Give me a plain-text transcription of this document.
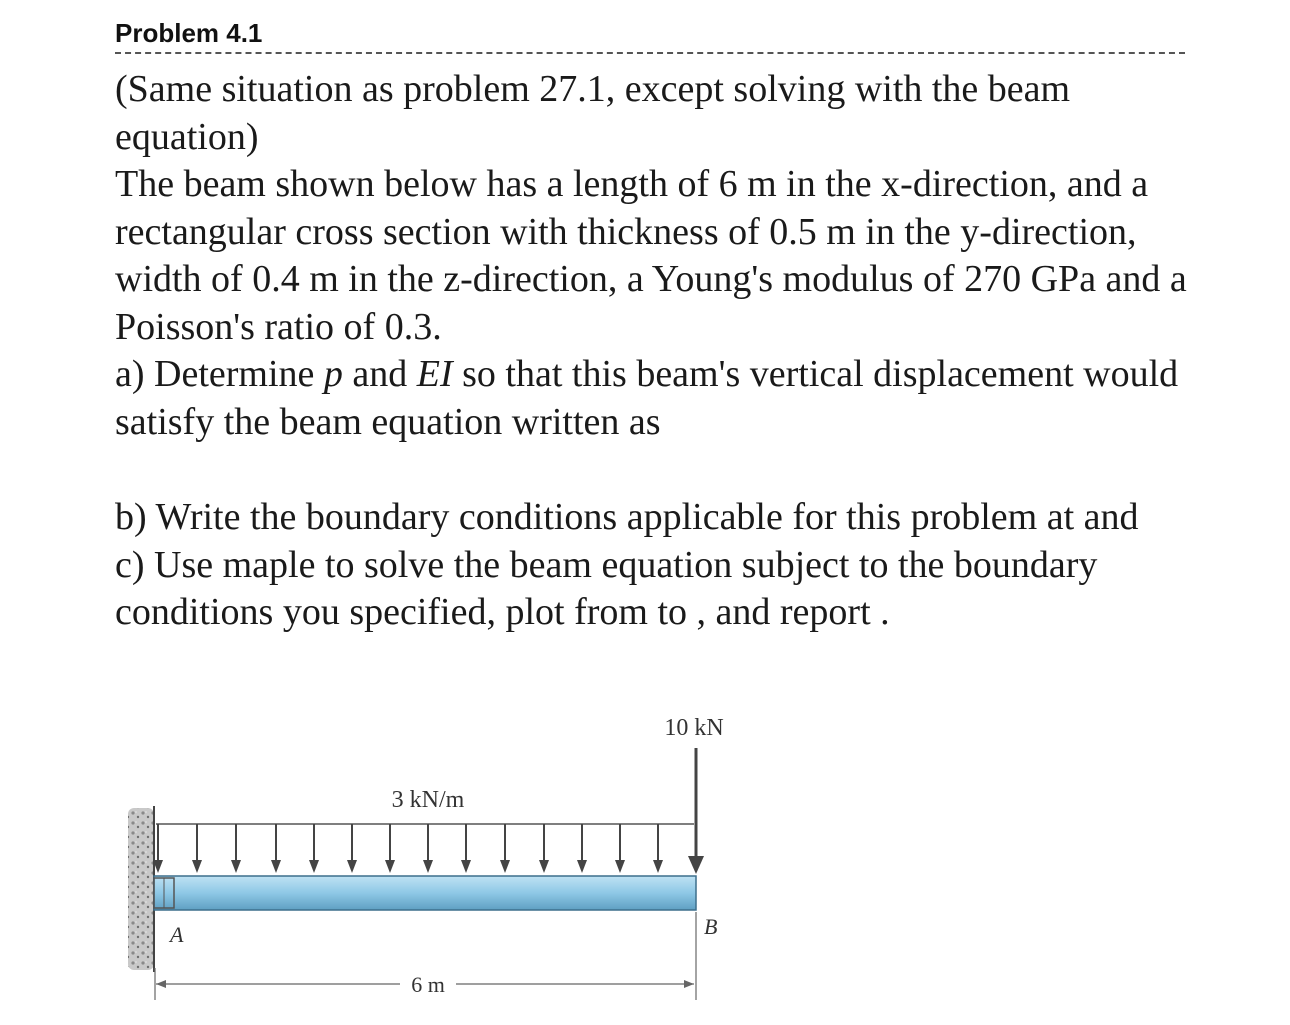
Problem 4.1

(Same situation as problem 27.1, except solving with the beam

equation)

The beam shown below has a length of 6 m in the x-direction, and a rectangular cross section with thickness of 0.5 m in the y-direction, width of 0.4 m in the z-direction, a Young's modulus of 270 GPa and a Poisson's ratio of 0.3.

a) Determine p and EI so that this beam's vertical displacement would satisfy the beam equation written as

b) Write the boundary conditions applicable for this problem at and

c) Use maple to solve the beam equation subject to the boundary conditions you specified, plot from to , and report .

3 kN/m
10 kN
A	B
6 m
